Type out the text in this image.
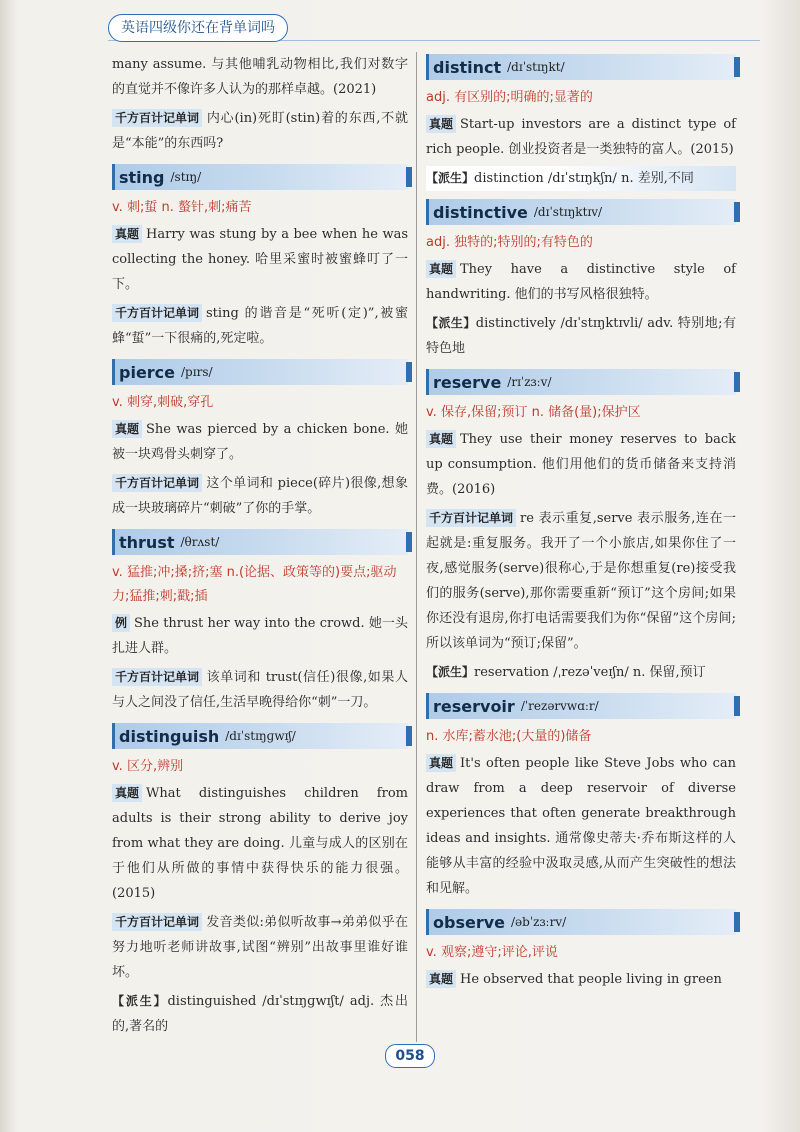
英语四级你还在背单词吗

many assume. 与其他哺乳动物相比,我们对数字的直觉并不像许多人认为的那样卓越。(2021)

千方百计记单词 内心(in)死盯(stin)着的东西,不就是“本能”的东西吗?

sting /stɪŋ/

v. 刺;蜇 n. 螯针,刺;痛苦

真题 Harry was stung by a bee when he was collecting the honey. 哈里采蜜时被蜜蜂叮了一下。

千方百计记单词 sting 的谐音是“死听(定)”,被蜜蜂“蜇”一下很痛的,死定啦。

pierce /pɪrs/

v. 刺穿,刺破,穿孔

真题 She was pierced by a chicken bone. 她被一块鸡骨头刺穿了。

千方百计记单词 这个单词和 piece(碎片)很像,想象成一块玻璃碎片“刺破”了你的手掌。

thrust /θrʌst/

v. 猛推;冲;搡;挤;塞 n.(论据、政策等的)要点;驱动力;猛推;刺;戳;插

例 She thrust her way into the crowd. 她一头扎进人群。

千方百计记单词 该单词和 trust(信任)很像,如果人与人之间没了信任,生活早晚得给你“刺”一刀。

distinguish /dɪˈstɪŋɡwɪʃ/

v. 区分,辨别

真题 What distinguishes children from adults is their strong ability to derive joy from what they are doing. 儿童与成人的区别在于他们从所做的事情中获得快乐的能力很强。(2015)

千方百计记单词 发音类似:弟似听故事→弟弟似乎在努力地听老师讲故事,试图“辨别”出故事里谁好谁坏。

【派生】distinguished /dɪˈstɪŋɡwɪʃt/ adj. 杰出的,著名的

distinct /dɪˈstɪŋkt/

adj. 有区别的;明确的;显著的

真题 Start-up investors are a distinct type of rich people. 创业投资者是一类独特的富人。(2015)

【派生】distinction /dɪˈstɪŋkʃn/ n. 差别,不同

distinctive /dɪˈstɪŋktɪv/

adj. 独特的;特别的;有特色的

真题 They have a distinctive style of handwriting. 他们的书写风格很独特。

【派生】distinctively /dɪˈstɪŋktɪvli/ adv. 特别地;有特色地

reserve /rɪˈzɜːv/

v. 保存,保留;预订 n. 储备(量);保护区

真题 They use their money reserves to back up consumption. 他们用他们的货币储备来支持消费。(2016)

千方百计记单词 re 表示重复,serve 表示服务,连在一起就是:重复服务。我开了一个小旅店,如果你住了一夜,感觉服务(serve)很称心,于是你想重复(re)接受我们的服务(serve),那你需要重新“预订”这个房间;如果你还没有退房,你打电话需要我们为你“保留”这个房间;所以该单词为“预订;保留”。

【派生】reservation /ˌrezəˈveɪʃn/ n. 保留,预订

reservoir /ˈrezərvwɑːr/

n. 水库;蓄水池;(大量的)储备

真题 It's often people like Steve Jobs who can draw from a deep reservoir of diverse experiences that often generate breakthrough ideas and insights. 通常像史蒂夫·乔布斯这样的人能够从丰富的经验中汲取灵感,从而产生突破性的想法和见解。

observe /əbˈzɜːrv/

v. 观察;遵守;评论,评说

真题 He observed that people living in green

058
